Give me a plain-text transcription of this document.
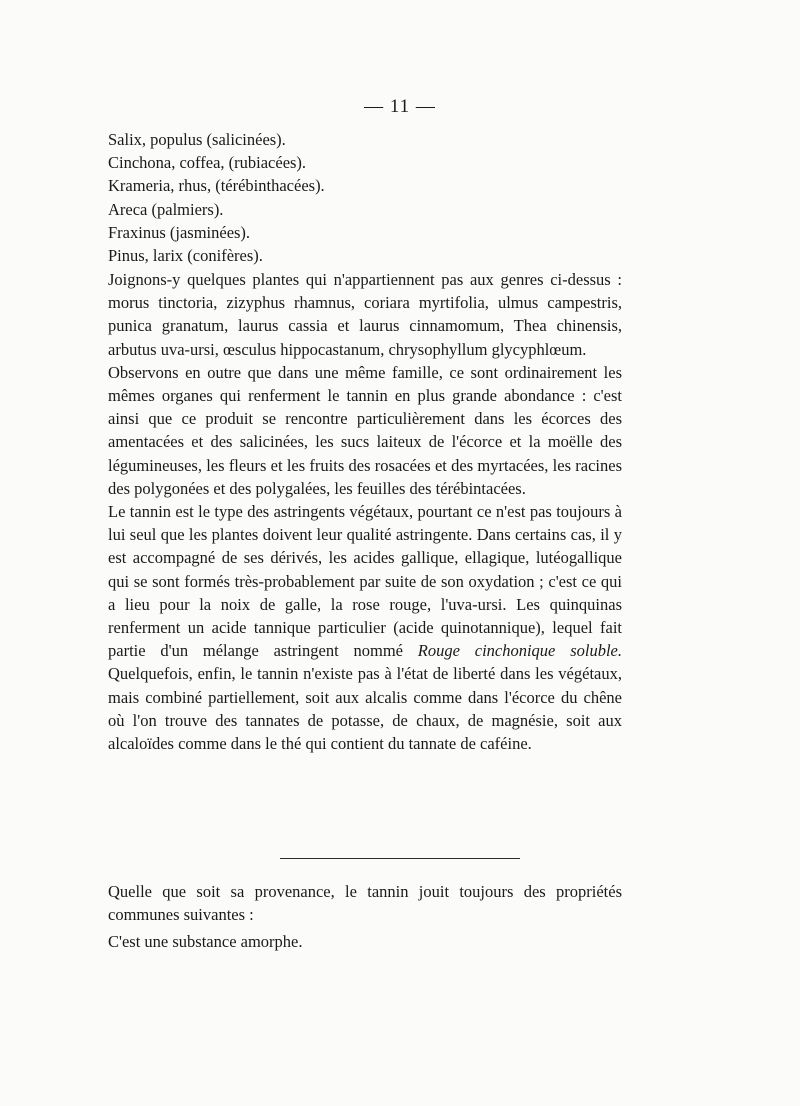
— 11 —
Salix, populus (salicinées).
Cinchona, coffea, (rubiacées).
Krameria, rhus, (térébinthacées).
Areca (palmiers).
Fraxinus (jasminées).
Pinus, larix (conifères).

Joignons-y quelques plantes qui n'appartiennent pas aux genres ci-dessus : morus tinctoria, zizyphus rhamnus, coriara myrtifolia, ulmus campestris, punica granatum, laurus cassia et laurus cinnamomum, Thea chinensis, arbutus uva-ursi, œsculus hippocastanum, chrysophyllum glycyphlœum.

Observons en outre que dans une même famille, ce sont ordinairement les mêmes organes qui renferment le tannin en plus grande abondance : c'est ainsi que ce produit se rencontre particulièrement dans les écorces des amentacées et des salicinées, les sucs laiteux de l'écorce et la moëlle des légumineuses, les fleurs et les fruits des rosacées et des myrtacées, les racines des polygonées et des polygalées, les feuilles des térébintacées.

Le tannin est le type des astringents végétaux, pourtant ce n'est pas toujours à lui seul que les plantes doivent leur qualité astringente. Dans certains cas, il y est accompagné de ses dérivés, les acides gallique, ellagique, lutéogallique qui se sont formés très-probablement par suite de son oxydation ; c'est ce qui a lieu pour la noix de galle, la rose rouge, l'uva-ursi. Les quinquinas renferment un acide tannique particulier (acide quinotannique), lequel fait partie d'un mélange astringent nommé Rouge cinchonique soluble. Quelquefois, enfin, le tannin n'existe pas à l'état de liberté dans les végétaux, mais combiné partiellement, soit aux alcalis comme dans l'écorce du chêne où l'on trouve des tannates de potasse, de chaux, de magnésie, soit aux alcaloïdes comme dans le thé qui contient du tannate de caféine.

Quelle que soit sa provenance, le tannin jouit toujours des propriétés communes suivantes :

C'est une substance amorphe.
